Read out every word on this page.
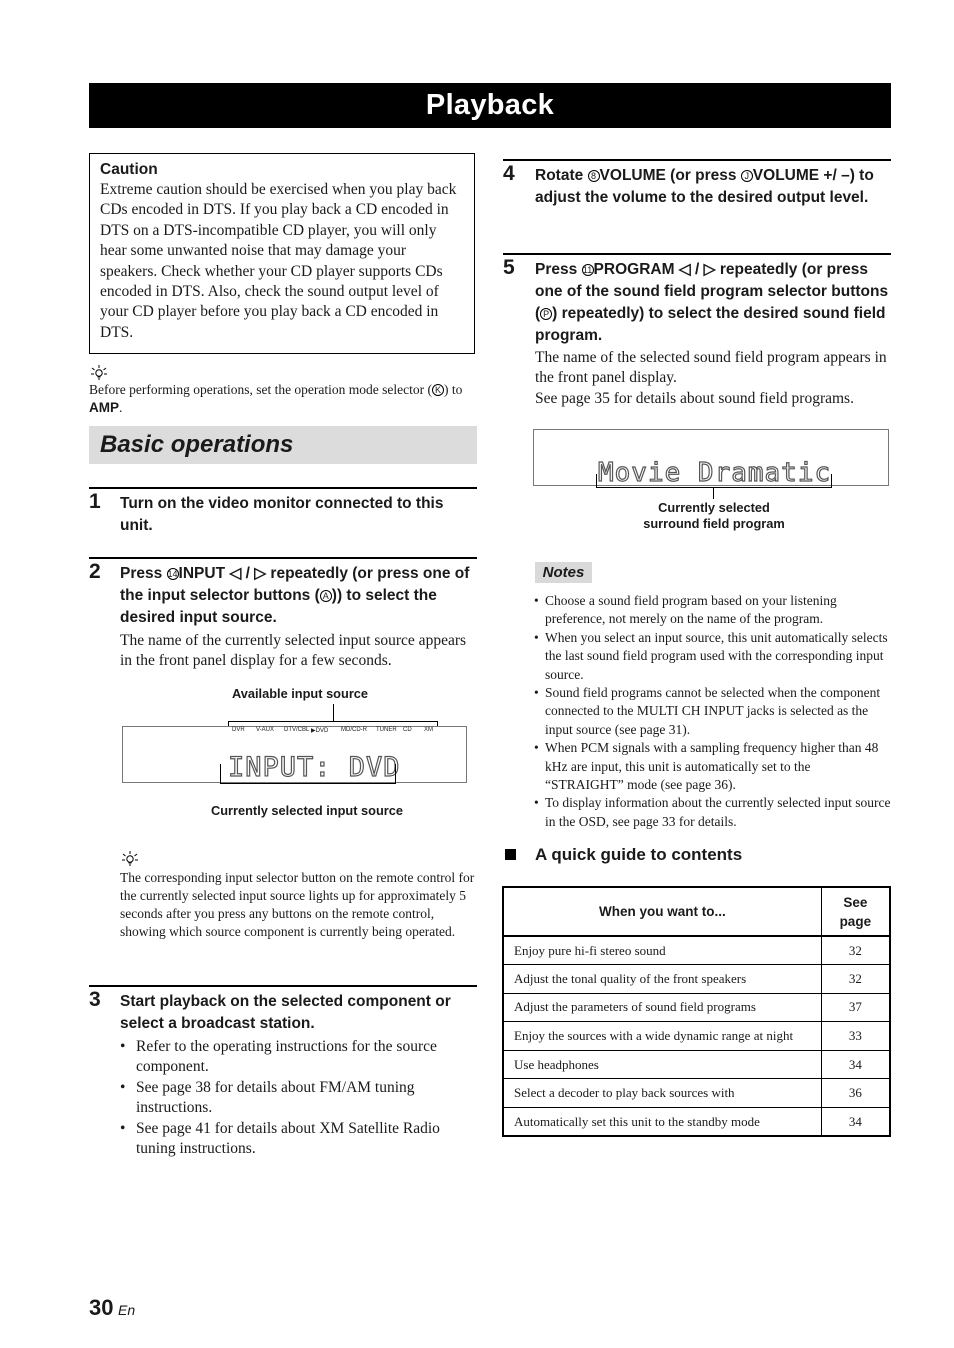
Playback
Caution
Extreme caution should be exercised when you play back CDs encoded in DTS. If you play back a CD encoded in DTS on a DTS-incompatible CD player, you will only hear some unwanted noise that may damage your speakers. Check whether your CD player supports CDs encoded in DTS. Also, check the sound output level of your CD player before you play back a CD encoded in DTS.
Before performing operations, set the operation mode selector ( K ) to AMP.
Basic operations
1 Turn on the video monitor connected to this unit.
2 Press 14INPUT ◁ / ▷ repeatedly (or press one of the input selector buttons ( A )) to select the desired input source.
The name of the currently selected input source appears in the front panel display for a few seconds.
Available input source
DVR V-AUX DTV/CBL ▶DVD MD/CD-R TUNER CD XM
INPUT: DVD
Currently selected input source
The corresponding input selector button on the remote control for the currently selected input source lights up for approximately 5 seconds after you press any buttons on the remote control, showing which source component is currently being operated.
3 Start playback on the selected component or select a broadcast station.
• Refer to the operating instructions for the source component.
• See page 38 for details about FM/AM tuning instructions.
• See page 41 for details about XM Satellite Radio tuning instructions.
4 Rotate 8 VOLUME (or press J VOLUME +/ –) to adjust the volume to the desired output level.
5 Press 11PROGRAM ◁ / ▷ repeatedly (or press one of the sound field program selector buttons ( P ) repeatedly) to select the desired sound field program.
The name of the selected sound field program appears in the front panel display.
See page 35 for details about sound field programs.
Movie Dramatic
Currently selected
surround field program
Notes
• Choose a sound field program based on your listening preference, not merely on the name of the program.
• When you select an input source, this unit automatically selects the last sound field program used with the corresponding input source.
• Sound field programs cannot be selected when the component connected to the MULTI CH INPUT jacks is selected as the input source (see page 31).
• When PCM signals with a sampling frequency higher than 48 kHz are input, this unit is automatically set to the “STRAIGHT” mode (see page 36).
• To display information about the currently selected input source in the OSD, see page 33 for details.
A quick guide to contents
When you want to...	See page
Enjoy pure hi-fi stereo sound	32
Adjust the tonal quality of the front speakers	32
Adjust the parameters of sound field programs	37
Enjoy the sources with a wide dynamic range at night	33
Use headphones	34
Select a decoder to play back sources with	36
Automatically set this unit to the standby mode	34
30 En
